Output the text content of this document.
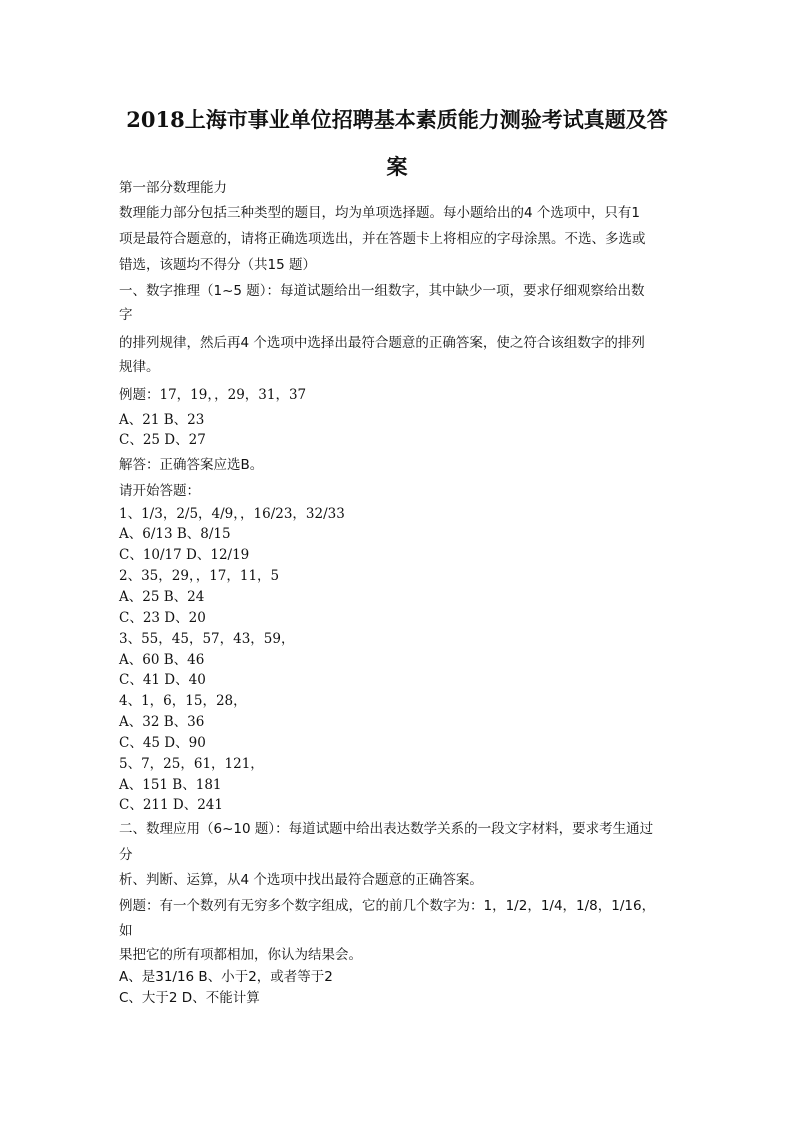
2018上海市事业单位招聘基本素质能力测验考试真题及答
案

第一部分数理能力

数理能力部分包括三种类型的题目，均为单项选择题。每小题给出的4 个选项中，只有1

项是最符合题意的，请将正确选项选出，并在答题卡上将相应的字母涂黑。不选、多选或

错选，该题均不得分（共15 题）

一、数字推理（1~5 题）：每道试题给出一组数字，其中缺少一项，要求仔细观察给出数

字

的排列规律，然后再4 个选项中选择出最符合题意的正确答案，使之符合该组数字的排列

规律。

例题：17，19，，29，31，37

A、21 B、23

C、25 D、27

解答：正确答案应选B。

请开始答题：

1、1/3，2/5，4/9，，16/23，32/33

A、6/13 B、8/15

C、10/17 D、12/19

2、35，29，，17，11，5

A、25 B、24

C、23 D、20

3、55，45，57，43，59，

A、60 B、46

C、41 D、40

4、1，6，15，28，

A、32 B、36

C、45 D、90

5、7，25，61，121，

A、151 B、181

C、211 D、241

二、数理应用（6~10 题）：每道试题中给出表达数学关系的一段文字材料，要求考生通过

分

析、判断、运算，从4 个选项中找出最符合题意的正确答案。

例题：有一个数列有无穷多个数字组成，它的前几个数字为：1，1/2，1/4，1/8，1/16，

如

果把它的所有项都相加，你认为结果会。

A、是31/16 B、小于2，或者等于2

C、大于2 D、不能计算
